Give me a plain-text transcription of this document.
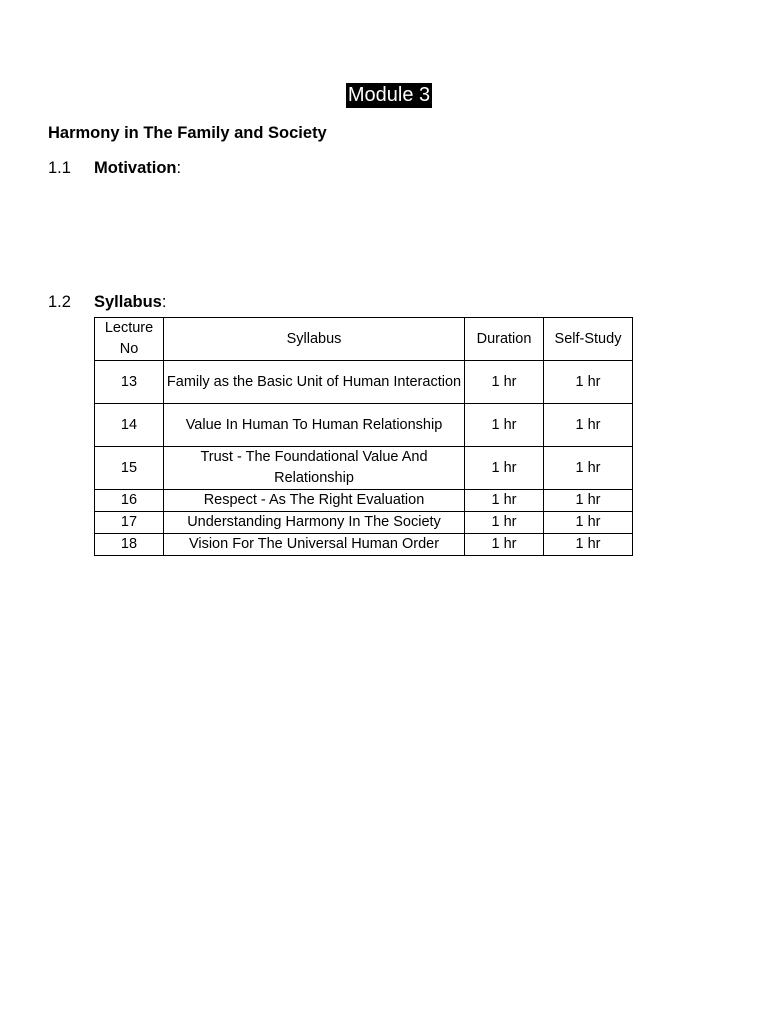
Module 3
Harmony in The Family and Society
1.1 Motivation:
1.2 Syllabus:
Lecture No	Syllabus	Duration	Self-Study
13	Family as the Basic Unit of Human Interaction	1 hr	1 hr
14	Value In Human To Human Relationship	1 hr	1 hr
15	Trust - The Foundational Value And Relationship	1 hr	1 hr
16	Respect - As The Right Evaluation	1 hr	1 hr
17	Understanding Harmony In The Society	1 hr	1 hr
18	Vision For The Universal Human Order	1 hr	1 hr
